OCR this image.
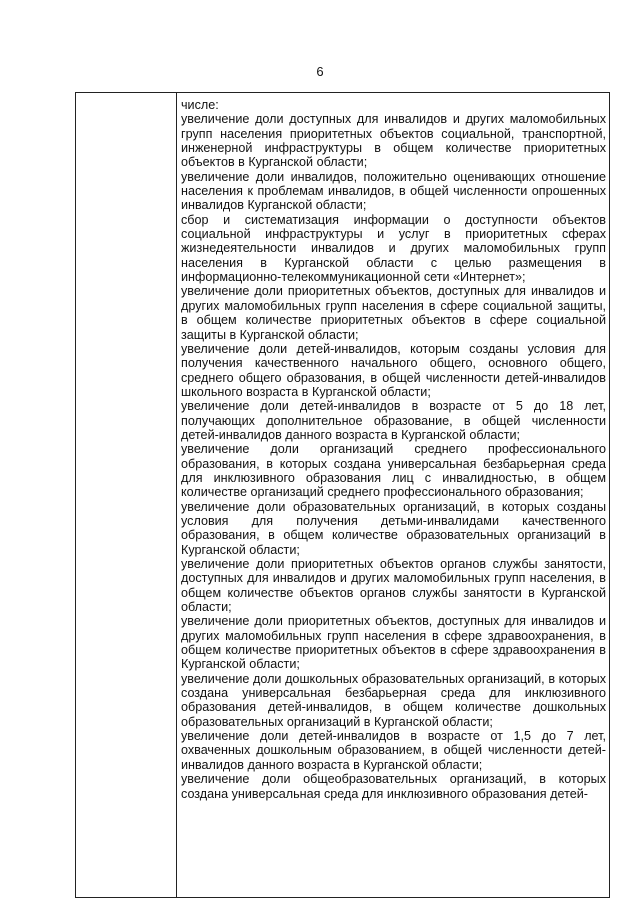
6

числе:

увеличение доли доступных для инвалидов и других маломобильных групп населения приоритетных объектов социальной, транспортной, инженерной инфраструктуры в общем количестве приоритетных объектов в Курганской области;

увеличение доли инвалидов, положительно оценивающих отношение населения к проблемам инвалидов, в общей численности опрошенных инвалидов Курганской области;

сбор и систематизация информации о доступности объектов социальной инфраструктуры и услуг в приоритетных сферах жизнедеятельности инвалидов и других маломобильных групп населения в Курганской области с целью размещения в информационно-телекоммуникационной сети «Интернет»;

увеличение доли приоритетных объектов, доступных для инвалидов и других маломобильных групп населения в сфере социальной защиты, в общем количестве приоритетных объектов в сфере социальной защиты в Курганской области;

увеличение доли детей-инвалидов, которым созданы условия для получения качественного начального общего, основного общего, среднего общего образования, в общей численности детей-инвалидов школьного возраста в Курганской области;

увеличение доли детей-инвалидов в возрасте от 5 до 18 лет, получающих дополнительное образование, в общей численности детей-инвалидов данного возраста в Курганской области;

увеличение доли организаций среднего профессионального образования, в которых создана универсальная безбарьерная среда для инклюзивного образования лиц с инвалидностью, в общем количестве организаций среднего профессионального образования;

увеличение доли образовательных организаций, в которых созданы условия для получения детьми-инвалидами качественного образования, в общем количестве образовательных организаций в Курганской области;

увеличение доли приоритетных объектов органов службы занятости, доступных для инвалидов и других маломобильных групп населения, в общем количестве объектов органов службы занятости в Курганской области;

увеличение доли приоритетных объектов, доступных для инвалидов и других маломобильных групп населения в сфере здравоохранения, в общем количестве приоритетных объектов в сфере здравоохранения в Курганской области;

увеличение доли дошкольных образовательных организаций, в которых создана универсальная безбарьерная среда для инклюзивного образования детей-инвалидов, в общем количестве дошкольных образовательных организаций в Курганской области;

увеличение доли детей-инвалидов в возрасте от 1,5 до 7 лет, охваченных дошкольным образованием, в общей численности детей-инвалидов данного возраста в Курганской области;

увеличение доли общеобразовательных организаций, в которых создана универсальная среда для инклюзивного образования детей-
